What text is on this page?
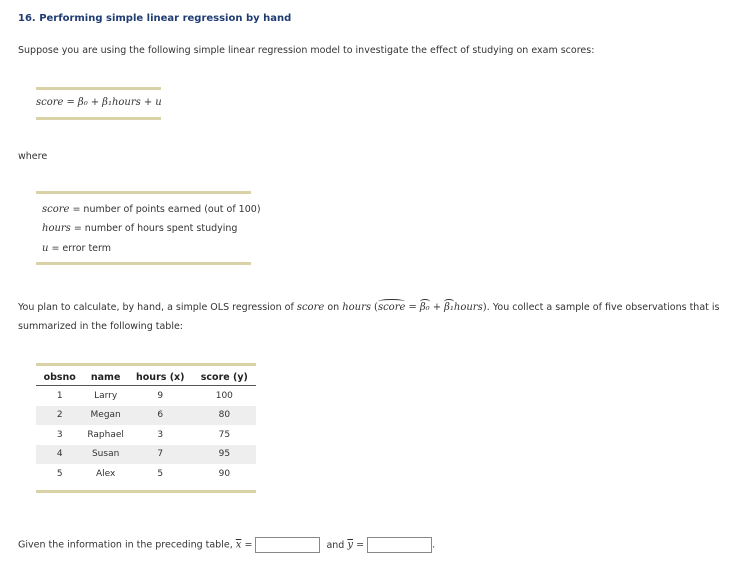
16. Performing simple linear regression by hand
Suppose you are using the following simple linear regression model to investigate the effect of studying on exam scores:
score = β₀ + β₁hours + u
where
score = number of points earned (out of 100)
hours = number of hours spent studying
u = error term
You plan to calculate, by hand, a simple OLS regression of score on hours (score = β₀ + β₁hours). You collect a sample of five observations that is
summarized in the following table:
obsno	name	hours (x)	score (y)
1	Larry	9	100
2	Megan	6	80
3	Raphael	3	75
4	Susan	7	95
5	Alex	5	90
Given the information in the preceding table, $\overline{x}$ =	and $\overline{y}$ =	.
